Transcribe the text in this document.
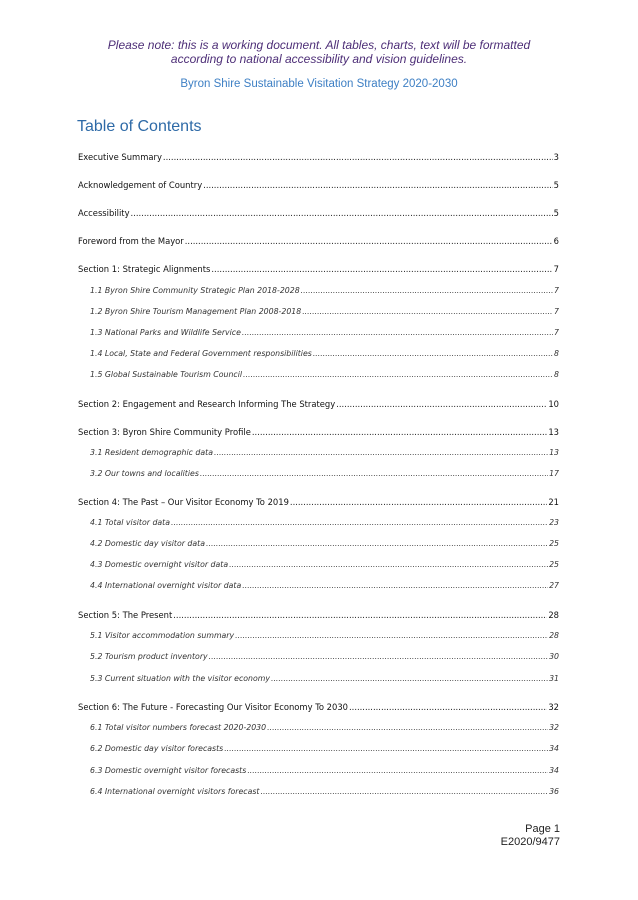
Please note: this is a working document. All tables, charts, text will be formatted
according to national accessibility and vision guidelines.
Byron Shire Sustainable Visitation Strategy 2020-2030
Table of Contents
Executive Summary .....	3
Acknowledgement of Country .....	5
Accessibility .....	5
Foreword from the Mayor .....	6
Section 1: Strategic Alignments .....	7
1.1 Byron Shire Community Strategic Plan 2018-2028 .....	7
1.2 Byron Shire Tourism Management Plan 2008-2018 .....	7
1.3 National Parks and Wildlife Service .....	7
1.4 Local, State and Federal Government responsibilities .....	8
1.5 Global Sustainable Tourism Council .....	8
Section 2: Engagement and Research Informing The Strategy .....	10
Section 3: Byron Shire Community Profile .....	13
3.1 Resident demographic data .....	13
3.2 Our towns and localities .....	17
Section 4: The Past – Our Visitor Economy To 2019 .....	21
4.1 Total visitor data .....	23
4.2 Domestic day visitor data .....	25
4.3 Domestic overnight visitor data .....	25
4.4 International overnight visitor data .....	27
Section 5: The Present .....	28
5.1 Visitor accommodation summary .....	28
5.2 Tourism product inventory .....	30
5.3 Current situation with the visitor economy .....	31
Section 6: The Future - Forecasting Our Visitor Economy To 2030 .....	32
6.1 Total visitor numbers forecast 2020-2030 .....	32
6.2 Domestic day visitor forecasts .....	34
6.3 Domestic overnight visitor forecasts .....	34
6.4 International overnight visitors forecast .....	36
Page 1
E2020/9477
